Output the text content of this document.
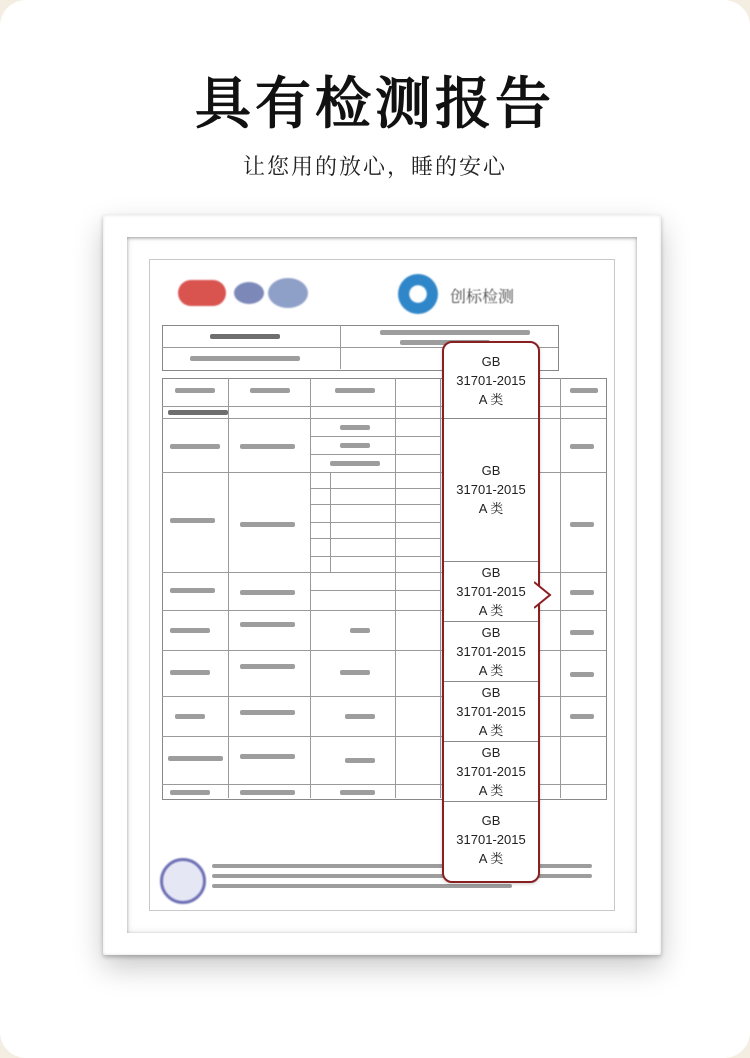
具有检测报告
让您用的放心，睡的安心
创标检测
GB
31701-2015
A 类
GB
31701-2015
A 类
GB
31701-2015
A 类
GB
31701-2015
A 类
GB
31701-2015
A 类
GB
31701-2015
A 类
GB
31701-2015
A 类
